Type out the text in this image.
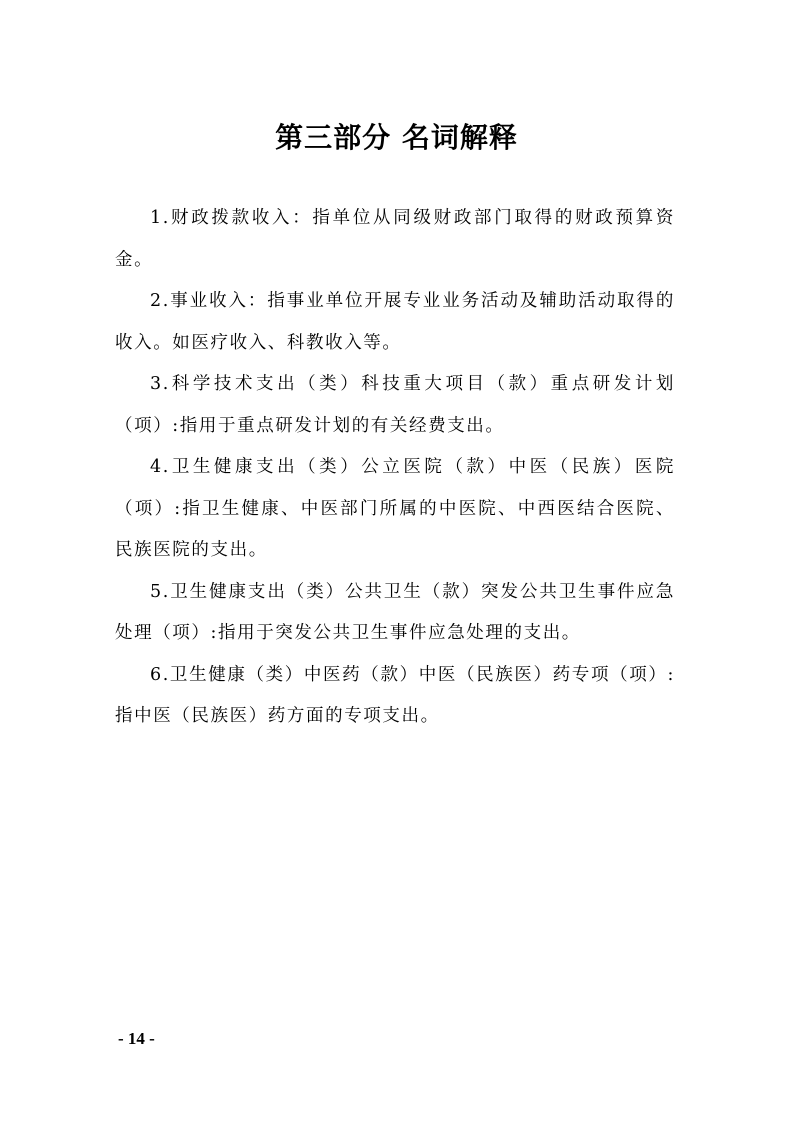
第三部分 名词解释

1.财政拨款收入：指单位从同级财政部门取得的财政预算资金。

2.事业收入：指事业单位开展专业业务活动及辅助活动取得的收入。如医疗收入、科教收入等。

3.科学技术支出（类）科技重大项目（款）重点研发计划（项）:指用于重点研发计划的有关经费支出。

4.卫生健康支出（类）公立医院（款）中医（民族）医院（项）:指卫生健康、中医部门所属的中医院、中西医结合医院、民族医院的支出。

5.卫生健康支出（类）公共卫生（款）突发公共卫生事件应急处理（项）:指用于突发公共卫生事件应急处理的支出。

6.卫生健康（类）中医药（款）中医（民族医）药专项（项）:指中医（民族医）药方面的专项支出。

- 14 -
